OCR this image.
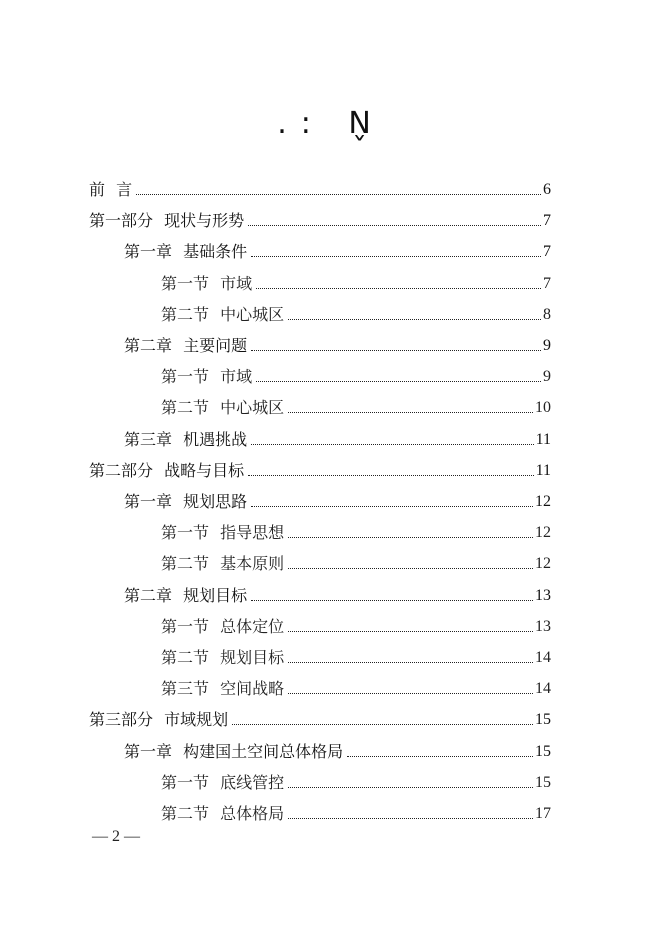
.: N̬
前 言	6
第一部分 现状与形势	7
第一章 基础条件	7
第一节 市域	7
第二节 中心城区	8
第二章 主要问题	9
第一节 市域	9
第二节 中心城区	10
第三章 机遇挑战	11
第二部分 战略与目标	11
第一章 规划思路	12
第一节 指导思想	12
第二节 基本原则	12
第二章 规划目标	13
第一节 总体定位	13
第二节 规划目标	14
第三节 空间战略	14
第三部分 市域规划	15
第一章 构建国土空间总体格局	15
第一节 底线管控	15
第二节 总体格局	17
— 2 —
